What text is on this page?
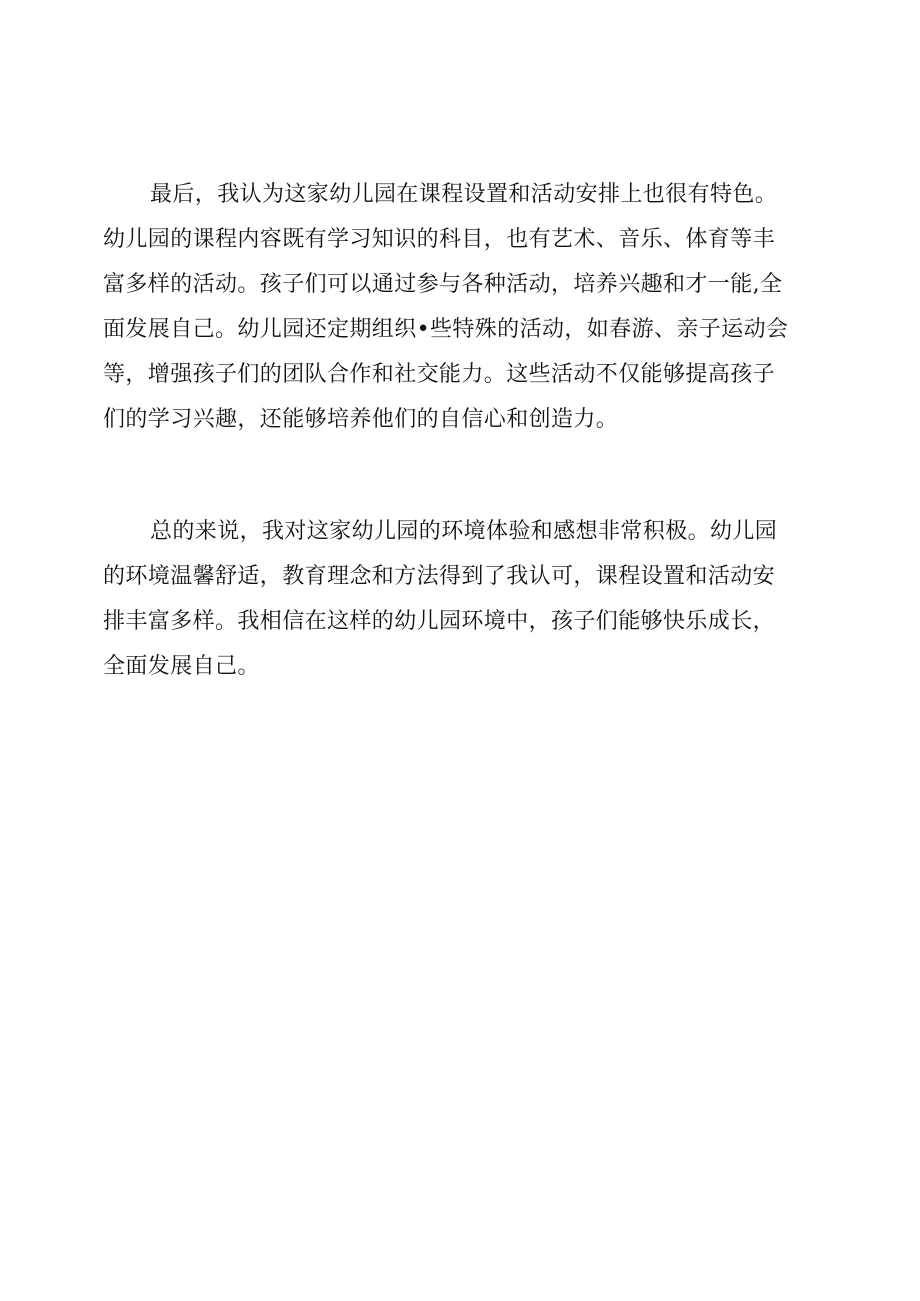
最后，我认为这家幼儿园在课程设置和活动安排上也很有特色。
幼儿园的课程内容既有学习知识的科目，也有艺术、音乐、体育等丰
富多样的活动。孩子们可以通过参与各种活动，培养兴趣和才一能,全
面发展自己。幼儿园还定期组织•些特殊的活动，如春游、亲子运动会
等，增强孩子们的团队合作和社交能力。这些活动不仅能够提高孩子
们的学习兴趣，还能够培养他们的自信心和创造力。
总的来说，我对这家幼儿园的环境体验和感想非常积极。幼儿园
的环境温馨舒适，教育理念和方法得到了我认可，课程设置和活动安
排丰富多样。我相信在这样的幼儿园环境中，孩子们能够快乐成长，
全面发展自己。
